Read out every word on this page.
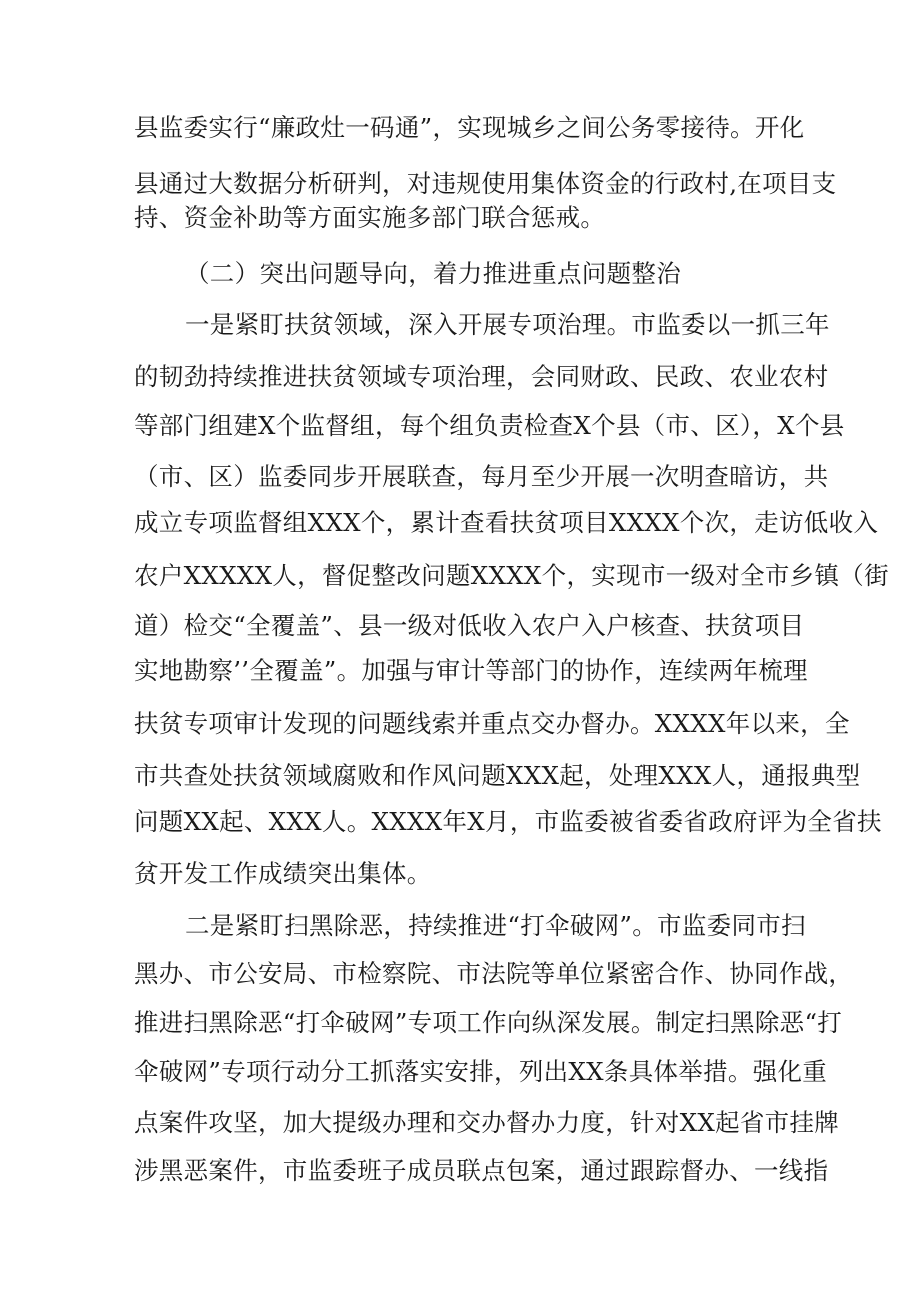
县监委实行“廉政灶一码通”，实现城乡之间公务零接待。开化
县通过大数据分析研判，对违规使用集体资金的行政村,在项目支
持、资金补助等方面实施多部门联合惩戒。
（二）突出问题导向，着力推进重点问题整治
一是紧盯扶贫领域，深入开展专项治理。市监委以一抓三年
的韧劲持续推进扶贫领域专项治理，会同财政、民政、农业农村
等部门组建X个监督组，每个组负责检查X个县（市、区），X个县
（市、区）监委同步开展联查，每月至少开展一次明查暗访，共
成立专项监督组XXX个，累计查看扶贫项目XXXX个次，走访低收入
农户XXXXX人，督促整改问题XXXX个，实现市一级对全市乡镇（街
道）检交“全覆盖”、县一级对低收入农户入户核查、扶贫项目
实地勘察’’全覆盖”。加强与审计等部门的协作，连续两年梳理
扶贫专项审计发现的问题线索并重点交办督办。XXXX年以来，全
市共查处扶贫领域腐败和作风问题XXX起，处理XXX人，通报典型
问题XX起、XXX人。XXXX年X月，市监委被省委省政府评为全省扶
贫开发工作成绩突出集体。
二是紧盯扫黑除恶，持续推进“打伞破网”。市监委同市扫
黑办、市公安局、市检察院、市法院等单位紧密合作、协同作战，
推进扫黑除恶“打伞破网”专项工作向纵深发展。制定扫黑除恶“打
伞破网”专项行动分工抓落实安排，列出XX条具体举措。强化重
点案件攻坚，加大提级办理和交办督办力度，针对XX起省市挂牌
涉黑恶案件，市监委班子成员联点包案，通过跟踪督办、一线指
